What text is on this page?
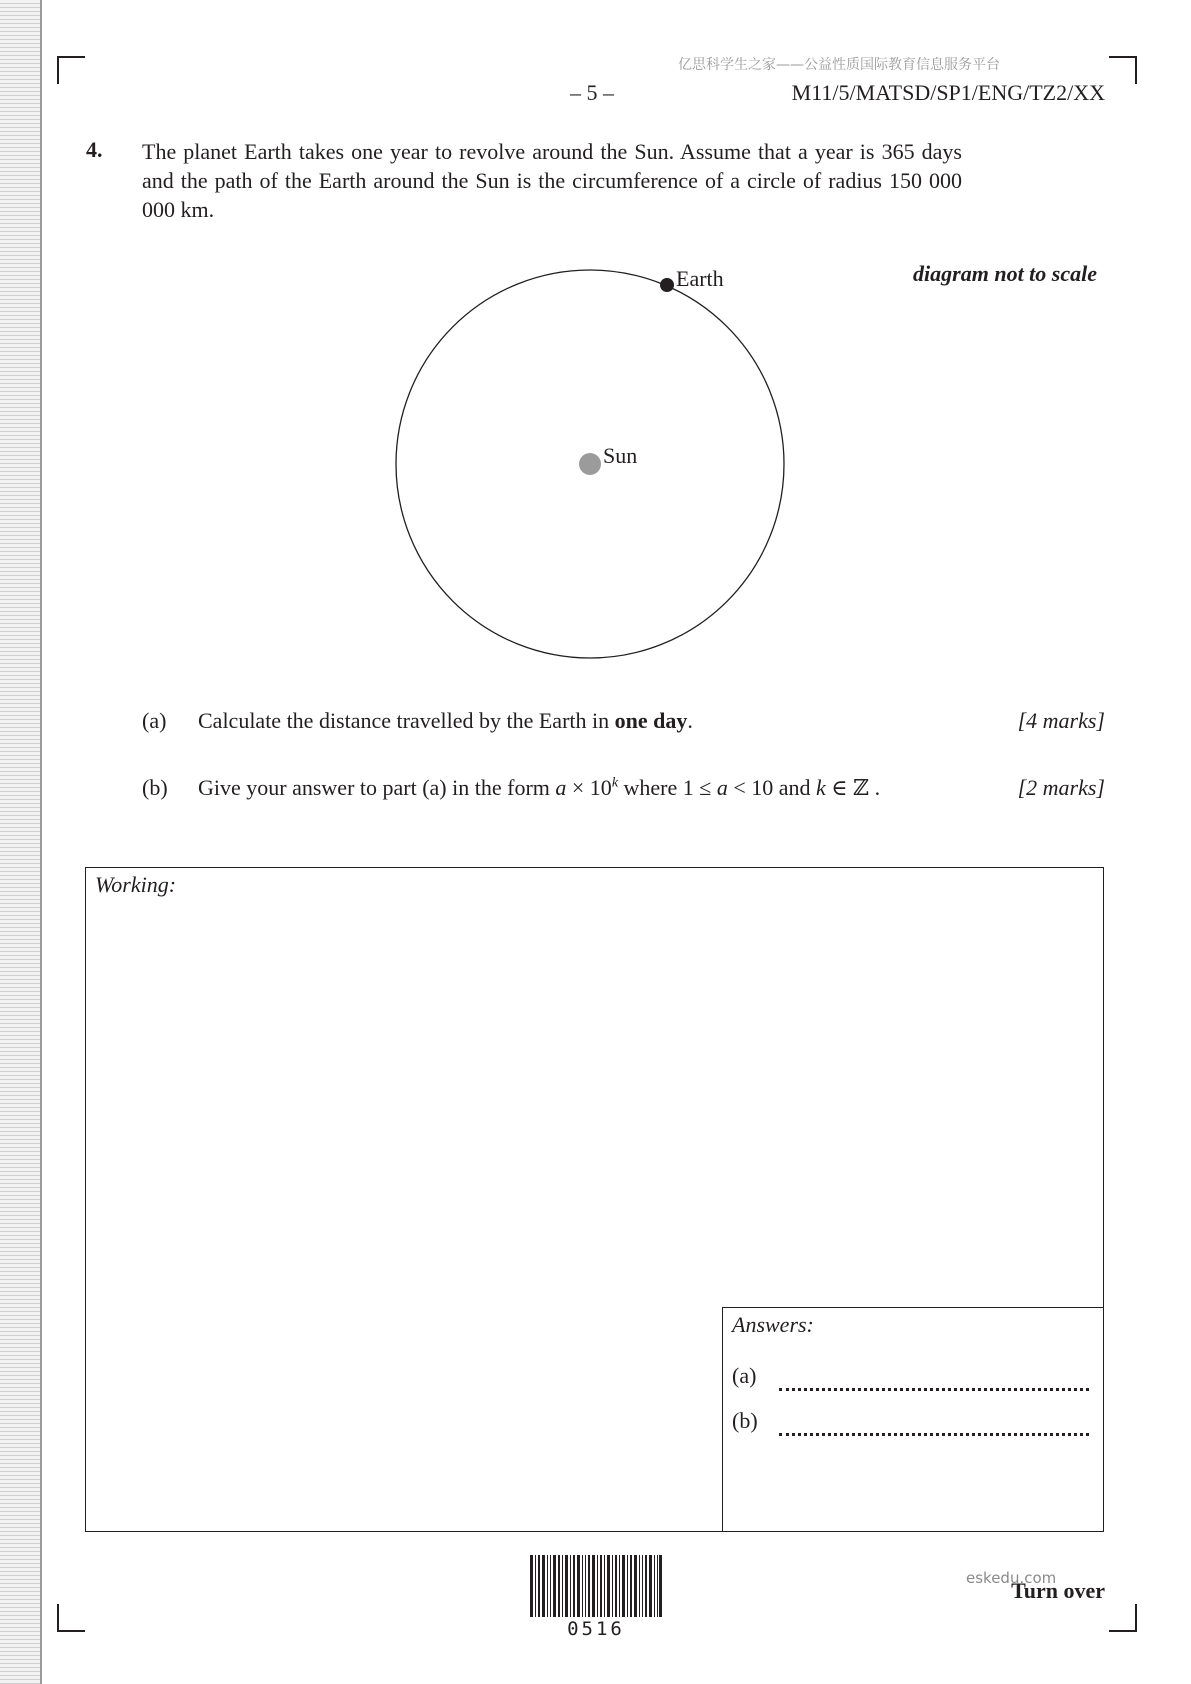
亿思科学生之家——公益性质国际教育信息服务平台
– 5 –	M11/5/MATSD/SP1/ENG/TZ2/XX
4. The planet Earth takes one year to revolve around the Sun. Assume that a year is 365 days and the path of the Earth around the Sun is the circumference of a circle of radius 150 000 000 km.
Earth
Sun
diagram not to scale
(a) Calculate the distance travelled by the Earth in one day.	[4 marks]
(b) Give your answer to part (a) in the form $a \times 10^k$ where 1 ≤ a < 10 and k ∈ ℤ .	[2 marks]
Working:
Answers:
(a)
(b)
0516
eskedu.com
Turn over
